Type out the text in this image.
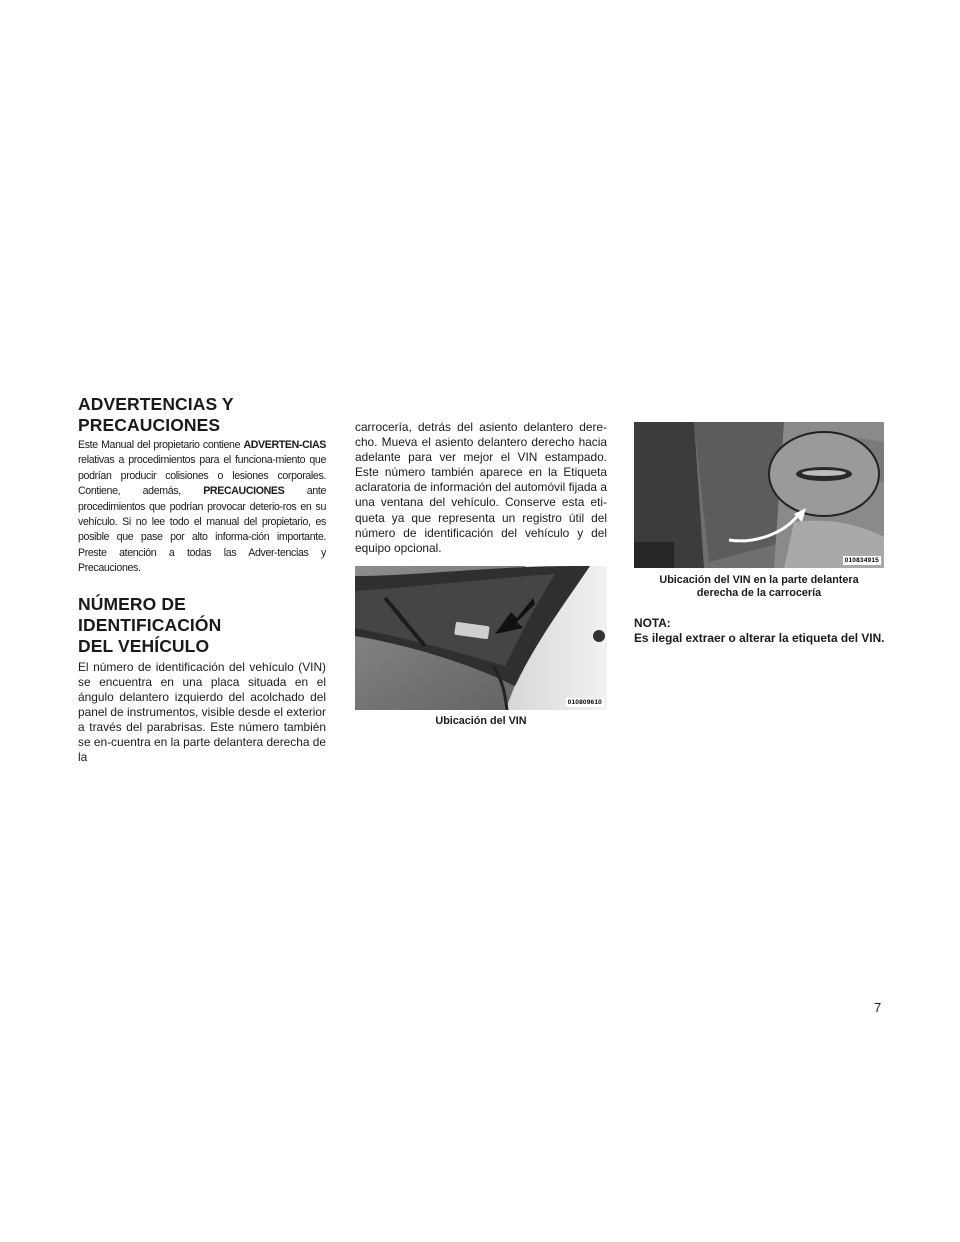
ADVERTENCIAS Y
PRECAUCIONES

Este Manual del propietario contiene ADVERTEN-CIAS relativas a procedimientos para el funciona-miento que podrían producir colisiones o lesiones corporales. Contiene, además, PRECAUCIONES ante procedimientos que podrían provocar deterio-ros en su vehículo. Si no lee todo el manual del propietario, es posible que pase por alto informa-ción importante. Preste atención a todas las Adver-tencias y Precauciones.

NÚMERO DE IDENTIFICACIÓN
DEL VEHÍCULO

El número de identificación del vehículo (VIN) se encuentra en una placa situada en el ángulo delantero izquierdo del acolchado del panel de instrumentos, visible desde el exterior a través del parabrisas. Este número también se en-cuentra en la parte delantera derecha de la

carrocería, detrás del asiento delantero dere-cho. Mueva el asiento delantero derecho hacia adelante para ver mejor el VIN estampado. Este número también aparece en la Etiqueta aclaratoria de información del automóvil fijada a una ventana del vehículo. Conserve esta eti-queta ya que representa un registro útil del número de identificación del vehículo y del equipo opcional.

010809610
Ubicación del VIN
010834915
Ubicación del VIN en la parte delantera derecha de la carrocería
NOTA:
Es ilegal extraer o alterar la etiqueta del VIN.
7
